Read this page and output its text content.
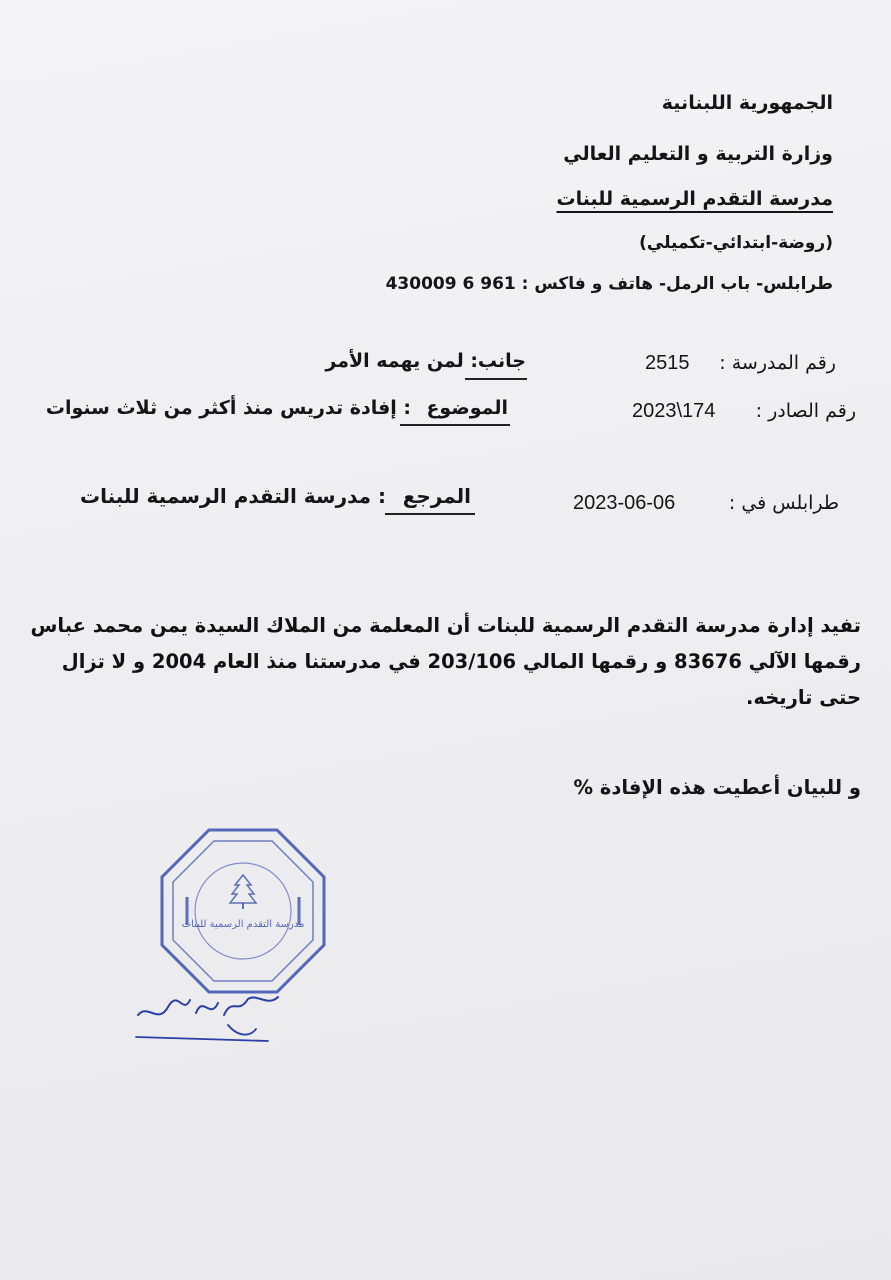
الجمهورية اللبنانية
وزارة التربية و التعليم العالي
مدرسة التقدم الرسمية للبنات
(روضة-ابتدائي-تكميلي)
طرابلس- باب الرمل- هاتف و فاكس : 961 6 430009
رقم المدرسة :
2515
رقم الصادر :
2023\174
طرابلس في :
2023-06-06
جانب
: لمن يهمه الأمر
الموضوع
: إفادة تدريس منذ أكثر من ثلاث سنوات
المرجع
: مدرسة التقدم الرسمية للبنات
تفيد إدارة مدرسة التقدم الرسمية للبنات أن المعلمة من الملاك السيدة يمن محمد عباس رقمها الآلي 83676 و رقمها المالي 203/106 في مدرستنا منذ العام 2004 و لا تزال حتى تاريخه.
و للبيان أعطيت هذه الإفادة %
مدرسة التقدم الرسمية للبنات
